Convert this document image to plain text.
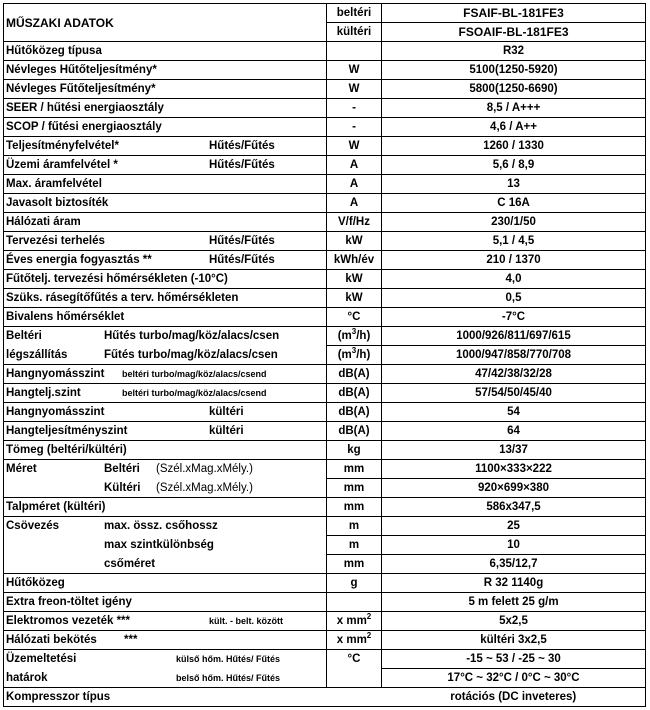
MŰSZAKI ADATOK	beltéri	FSAIF-BL-181FE3
	kültéri	FSOAIF-BL-181FE3
Hűtőközeg típusa		R32
Névleges Hűtőteljesítmény*	W	5100(1250-5920)
Névleges Fűtőteljesítmény*	W	5800(1250-6690)
SEER / hűtési energiaosztály	-	8,5 / A+++
SCOP / fűtési energiaosztály	-	4,6 / A++
Teljesítményfelvétel* Hűtés/Fűtés	W	1260 / 1330
Üzemi áramfelvétel * Hűtés/Fűtés	A	5,6 / 8,9
Max. áramfelvétel	A	13
Javasolt biztosíték	A	C 16A
Hálózati áram	V/f/Hz	230/1/50
Tervezési terhelés Hűtés/Fűtés	kW	5,1 / 4,5
Éves energia fogyasztás ** Hűtés/Fűtés	kWh/év	210 / 1370
Fűtőtelj. tervezési hőmérsékleten (-10°C)	kW	4,0
Szüks. rásegítőfűtés a terv. hőmérsékleten	kW	0,5
Bivalens hőmérséklet	°C	-7°C
Beltéri Hűtés turbo/mag/köz/alacs/csen	$(m^3/h)$	1000/926/811/697/615
légszállítás Fűtés turbo/mag/köz/alacs/csen	$(m^3/h)$	1000/947/858/770/708
Hangnyomásszint beltéri turbo/mag/köz/alacs/csend	dB(A)	47/42/38/32/28
Hangtelj.szint beltéri turbo/mag/köz/alacs/csend	dB(A)	57/54/50/45/40
Hangnyomásszint kültéri	dB(A)	54
Hangteljesítményszint kültéri	dB(A)	64
Tömeg (beltéri/kültéri)	kg	13/37
Méret Beltéri (Szél.xMag.xMély.)	mm	1100×333×222

Kültéri (Szél.xMag.xMély.)	mm	920×699×380
Talpméret (kültéri)	mm	586x347,5
Csövezés max. össz. csőhossz	m	25

max szintkülönbség	m	10

csőméret	mm	6,35/12,7
Hűtőközeg	g	R 32 1140g
Extra freon-töltet igény		5 m felett 25 g/m
Elektromos vezeték *** kült. - belt. között	x $mm^2$	5x2,5
Hálózati bekötés ***	x $mm^2$	kültéri 3x2,5
Üzemeltetési külső hőm. Hűtés/ Fűtés	°C	-15 ~ 53 / -25 ~ 30
határok belső hőm. Hűtés/ Fűtés		17°C ~ 32°C / 0°C ~ 30°C
Kompresszor típus		rotációs (DC inveteres)
